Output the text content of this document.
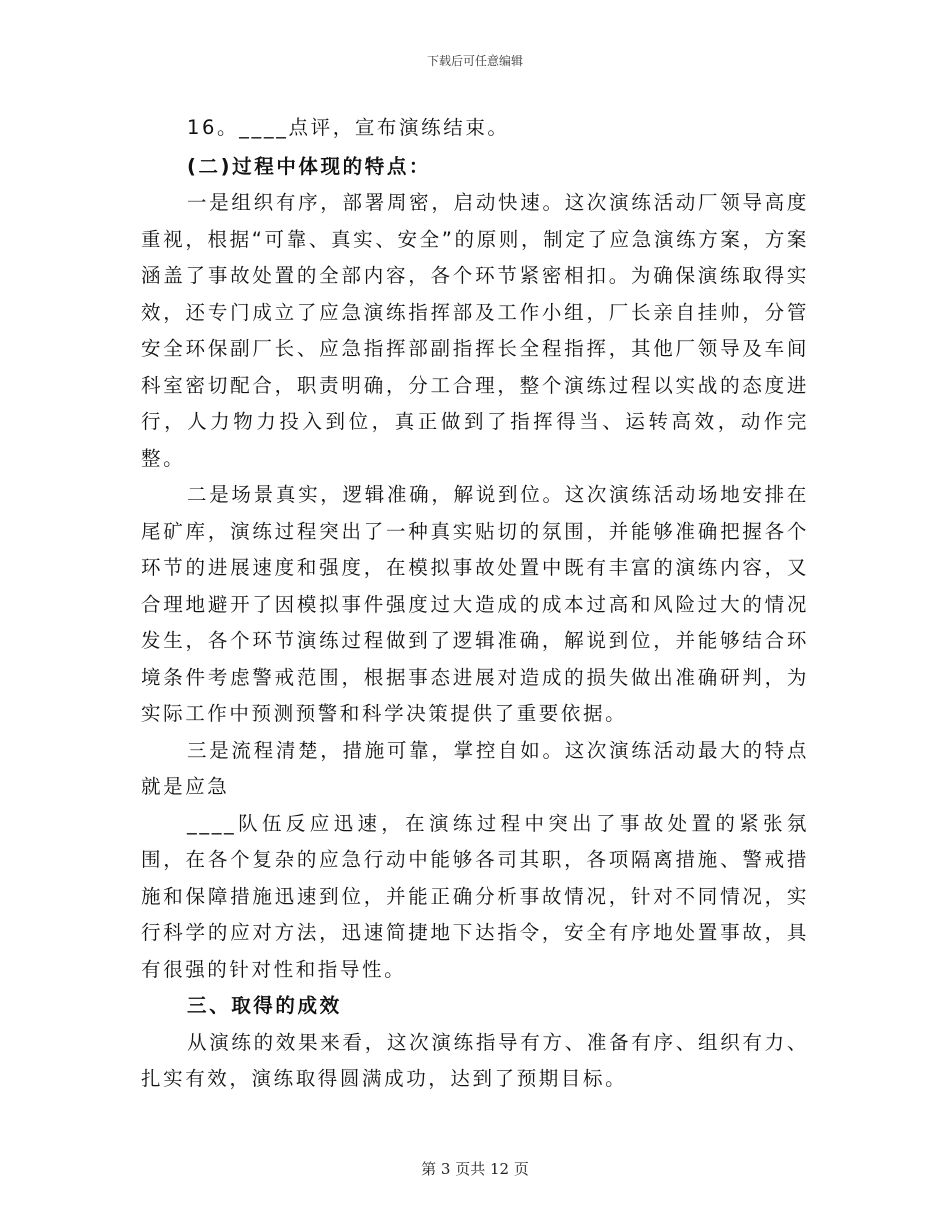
下载后可任意编辑

16。____点评，宣布演练结束。

(二)过程中体现的特点：

一是组织有序，部署周密，启动快速。这次演练活动厂领导高度重视，根据“可靠、真实、安全”的原则，制定了应急演练方案，方案涵盖了事故处置的全部内容，各个环节紧密相扣。为确保演练取得实效，还专门成立了应急演练指挥部及工作小组，厂长亲自挂帅，分管安全环保副厂长、应急指挥部副指挥长全程指挥，其他厂领导及车间科室密切配合，职责明确，分工合理，整个演练过程以实战的态度进行，人力物力投入到位，真正做到了指挥得当、运转高效，动作完整。

二是场景真实，逻辑准确，解说到位。这次演练活动场地安排在尾矿库，演练过程突出了一种真实贴切的氛围，并能够准确把握各个环节的进展速度和强度，在模拟事故处置中既有丰富的演练内容，又合理地避开了因模拟事件强度过大造成的成本过高和风险过大的情况发生，各个环节演练过程做到了逻辑准确，解说到位，并能够结合环境条件考虑警戒范围，根据事态进展对造成的损失做出准确研判，为实际工作中预测预警和科学决策提供了重要依据。

三是流程清楚，措施可靠，掌控自如。这次演练活动最大的特点就是应急

____队伍反应迅速，在演练过程中突出了事故处置的紧张氛围，在各个复杂的应急行动中能够各司其职，各项隔离措施、警戒措施和保障措施迅速到位，并能正确分析事故情况，针对不同情况，实行科学的应对方法，迅速简捷地下达指令，安全有序地处置事故，具有很强的针对性和指导性。

三、取得的成效

从演练的效果来看，这次演练指导有方、准备有序、组织有力、扎实有效，演练取得圆满成功，达到了预期目标。

第 3 页共 12 页
